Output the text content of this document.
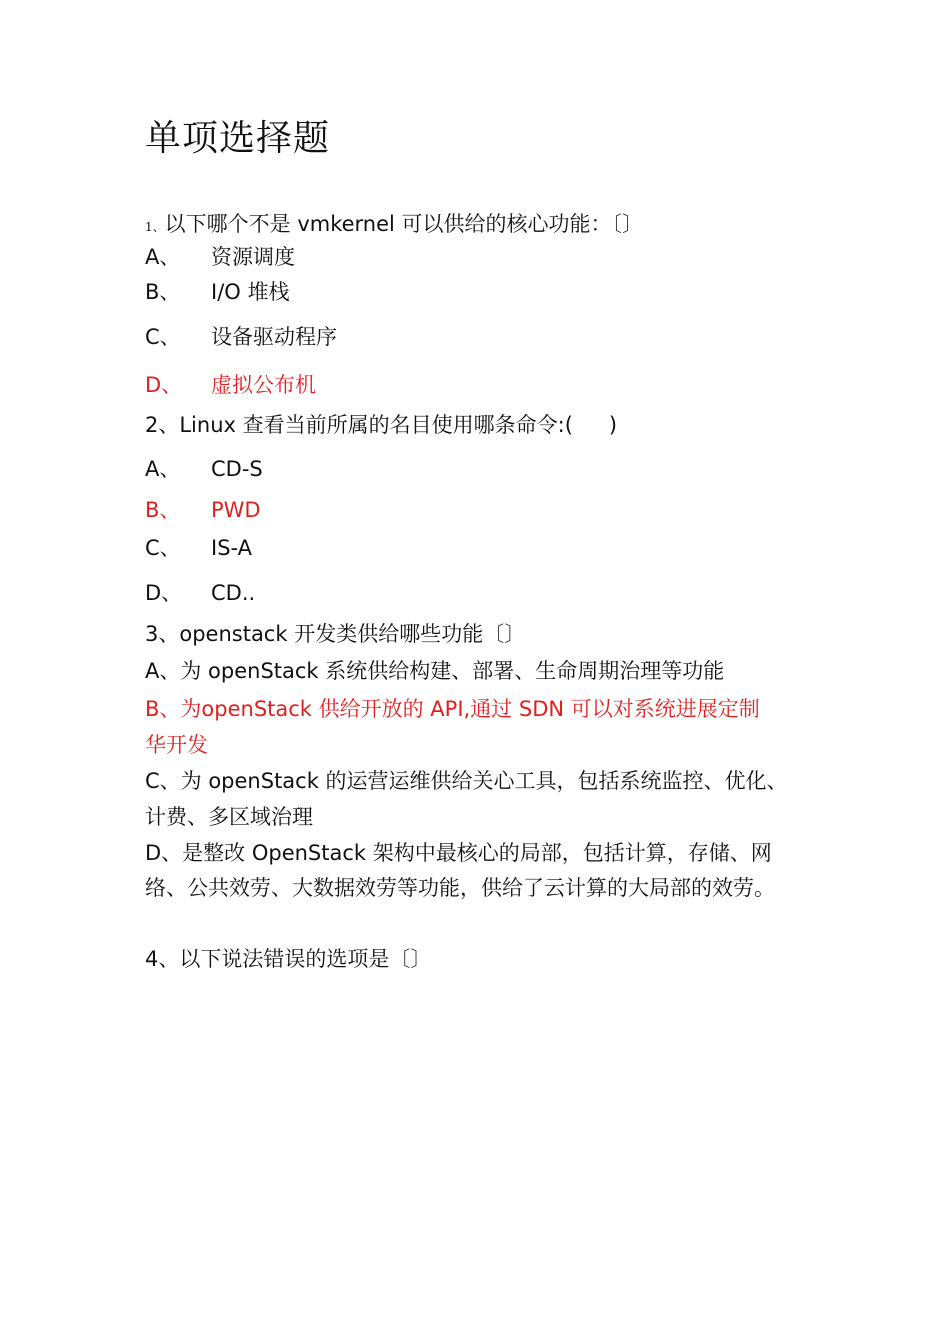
单项选择题
1、以下哪个不是 vmkernel 可以供给的核心功能：〔〕
A、 资源调度
B、 I/O 堆栈
C、 设备驱动程序
D、 虚拟公布机
2、Linux 查看当前所属的名目使用哪条命令:( )
A、 CD-S
B、 PWD
C、 IS-A
D、 CD..
3、openstack 开发类供给哪些功能〔〕
A、为 openStack 系统供给构建、部署、生命周期治理等功能
B、为openStack 供给开放的 API,通过 SDN 可以对系统进展定制
华开发
C、为 openStack 的运营运维供给关心工具，包括系统监控、优化、
计费、多区域治理
D、是整改 OpenStack 架构中最核心的局部，包括计算，存储、网
络、公共效劳、大数据效劳等功能，供给了云计算的大局部的效劳。
4、以下说法错误的选项是〔〕
